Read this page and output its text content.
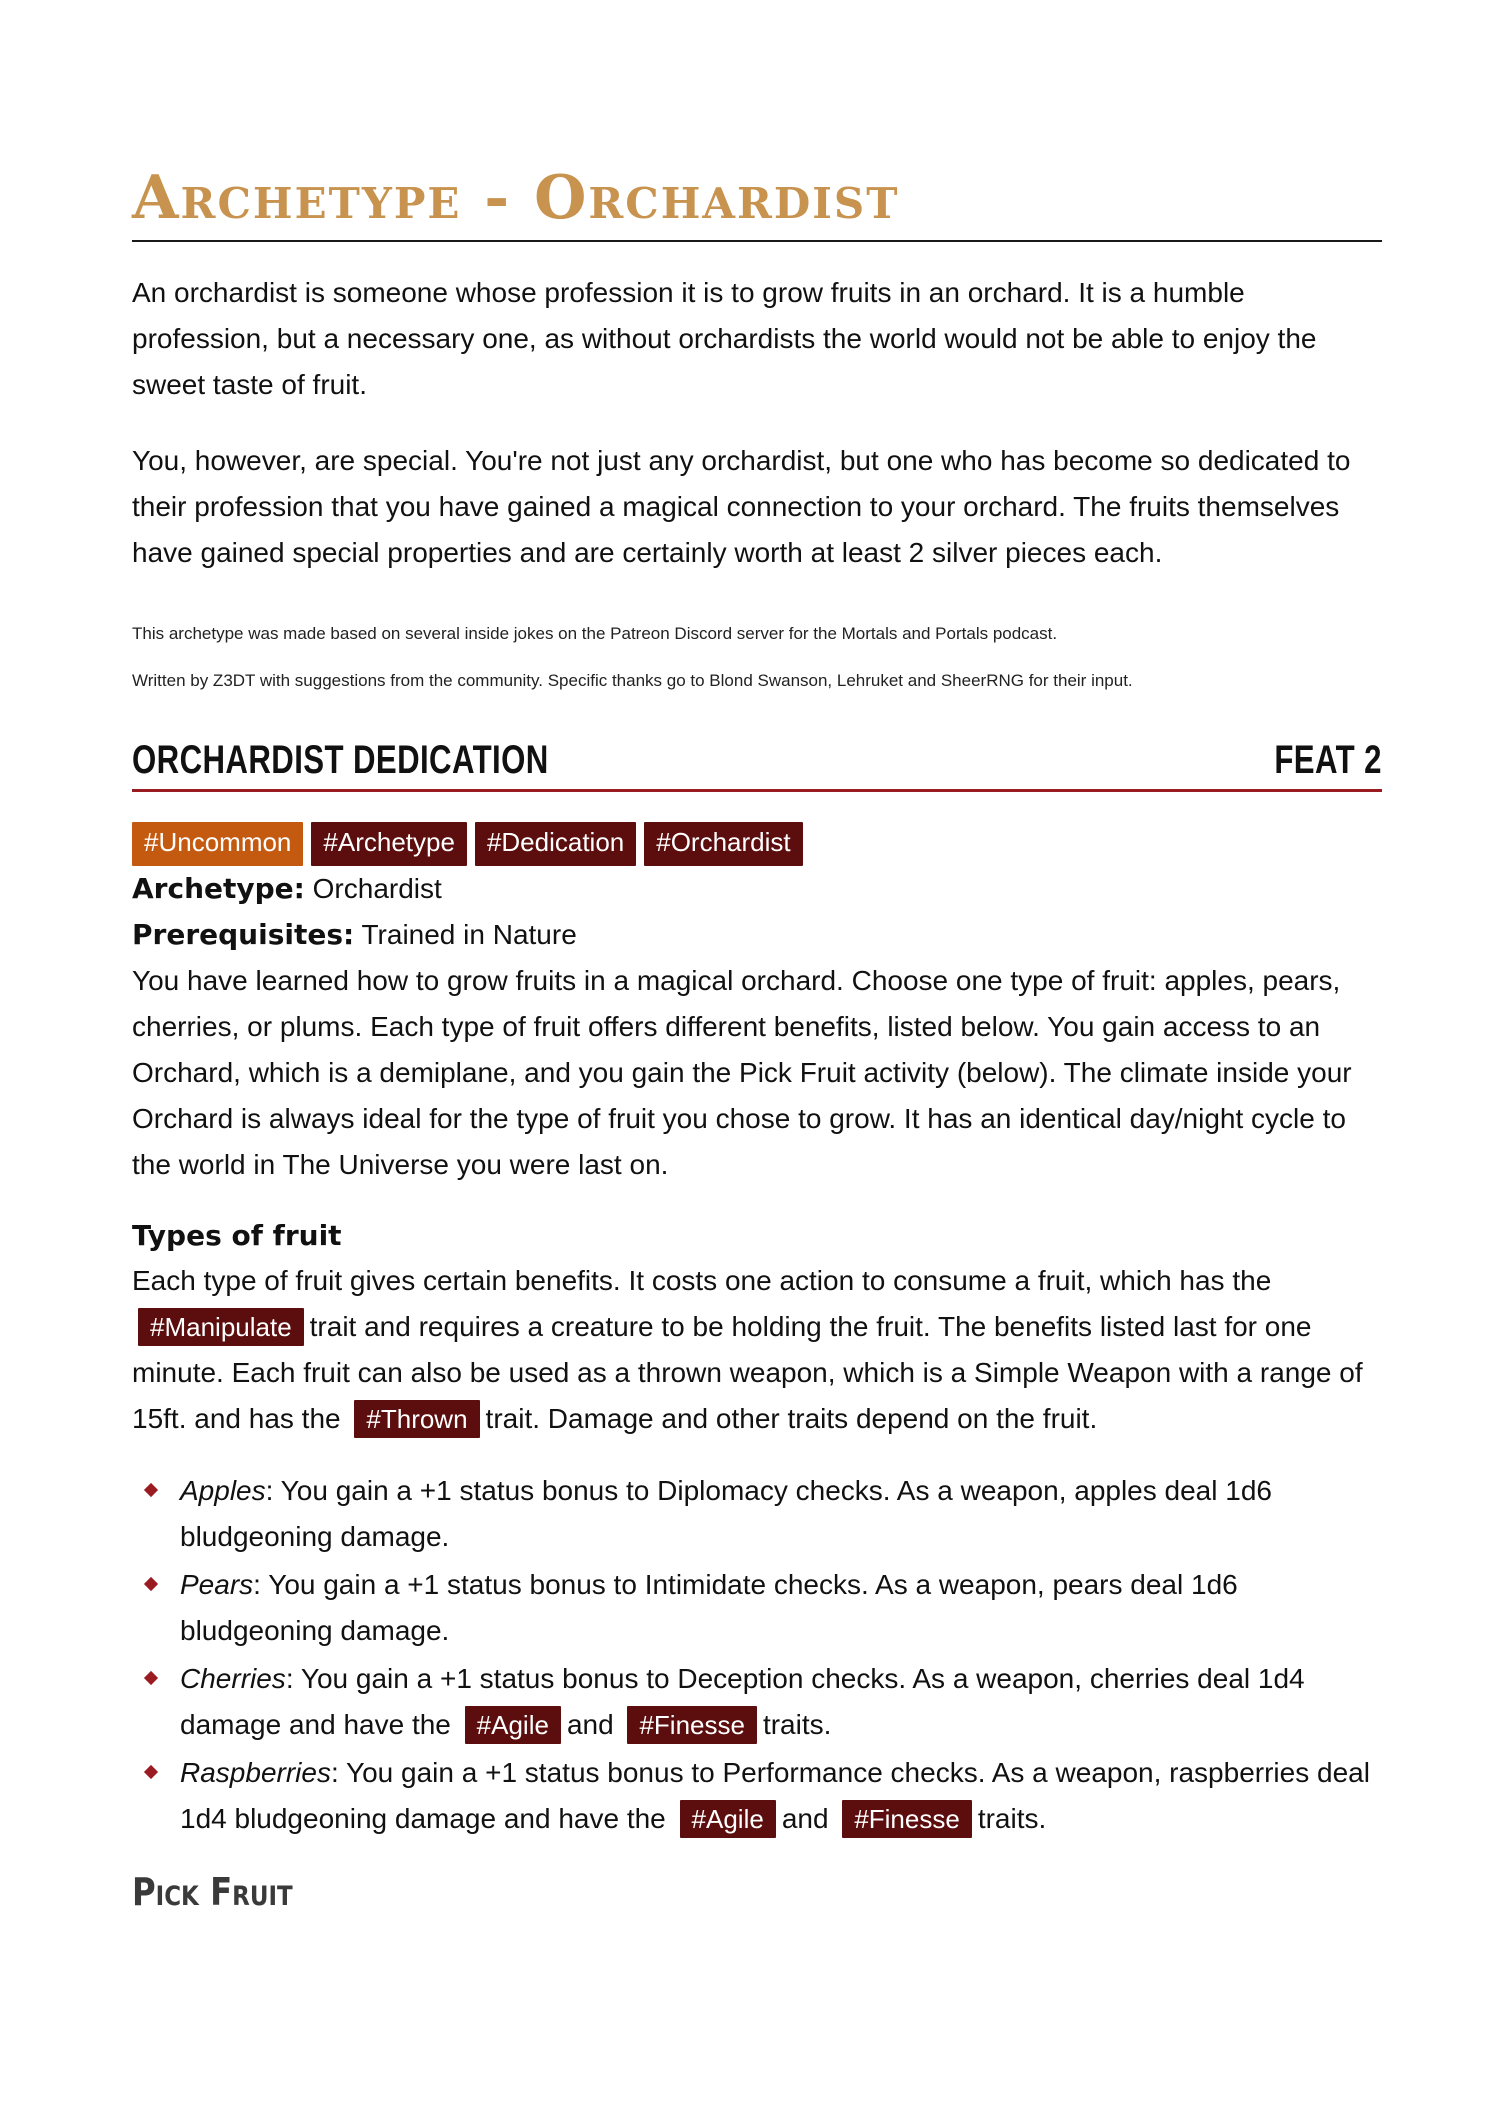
Archetype - Orchardist

An orchardist is someone whose profession it is to grow fruits in an orchard. It is a humble profession, but a necessary one, as without orchardists the world would not be able to enjoy the sweet taste of fruit.

You, however, are special. You're not just any orchardist, but one who has become so dedicated to their profession that you have gained a magical connection to your orchard. The fruits themselves have gained special properties and are certainly worth at least 2 silver pieces each.

This archetype was made based on several inside jokes on the Patreon Discord server for the Mortals and Portals podcast.

Written by Z3DT with suggestions from the community. Specific thanks go to Blond Swanson, Lehruket and SheerRNG for their input.

ORCHARDIST DEDICATION	FEAT 2
#Uncommon	#Archetype	#Dedication	#Orchardist

Archetype: Orchardist

Prerequisites: Trained in Nature

You have learned how to grow fruits in a magical orchard. Choose one type of fruit: apples, pears, cherries, or plums. Each type of fruit offers different benefits, listed below. You gain access to an Orchard, which is a demiplane, and you gain the Pick Fruit activity (below). The climate inside your Orchard is always ideal for the type of fruit you chose to grow. It has an identical day/night cycle to the world in The Universe you were last on.

Types of fruit

Each type of fruit gives certain benefits. It costs one action to consume a fruit, which has the #Manipulate trait and requires a creature to be holding the fruit. The benefits listed last for one minute. Each fruit can also be used as a thrown weapon, which is a Simple Weapon with a range of 15ft. and has the #Thrown trait. Damage and other traits depend on the fruit.

Apples: You gain a +1 status bonus to Diplomacy checks. As a weapon, apples deal 1d6 bludgeoning damage.
Pears: You gain a +1 status bonus to Intimidate checks. As a weapon, pears deal 1d6 bludgeoning damage.
Cherries: You gain a +1 status bonus to Deception checks. As a weapon, cherries deal 1d4 damage and have the #Agile and #Finesse traits.
Raspberries: You gain a +1 status bonus to Performance checks. As a weapon, raspberries deal 1d4 bludgeoning damage and have the #Agile and #Finesse traits.
Pick Fruit
